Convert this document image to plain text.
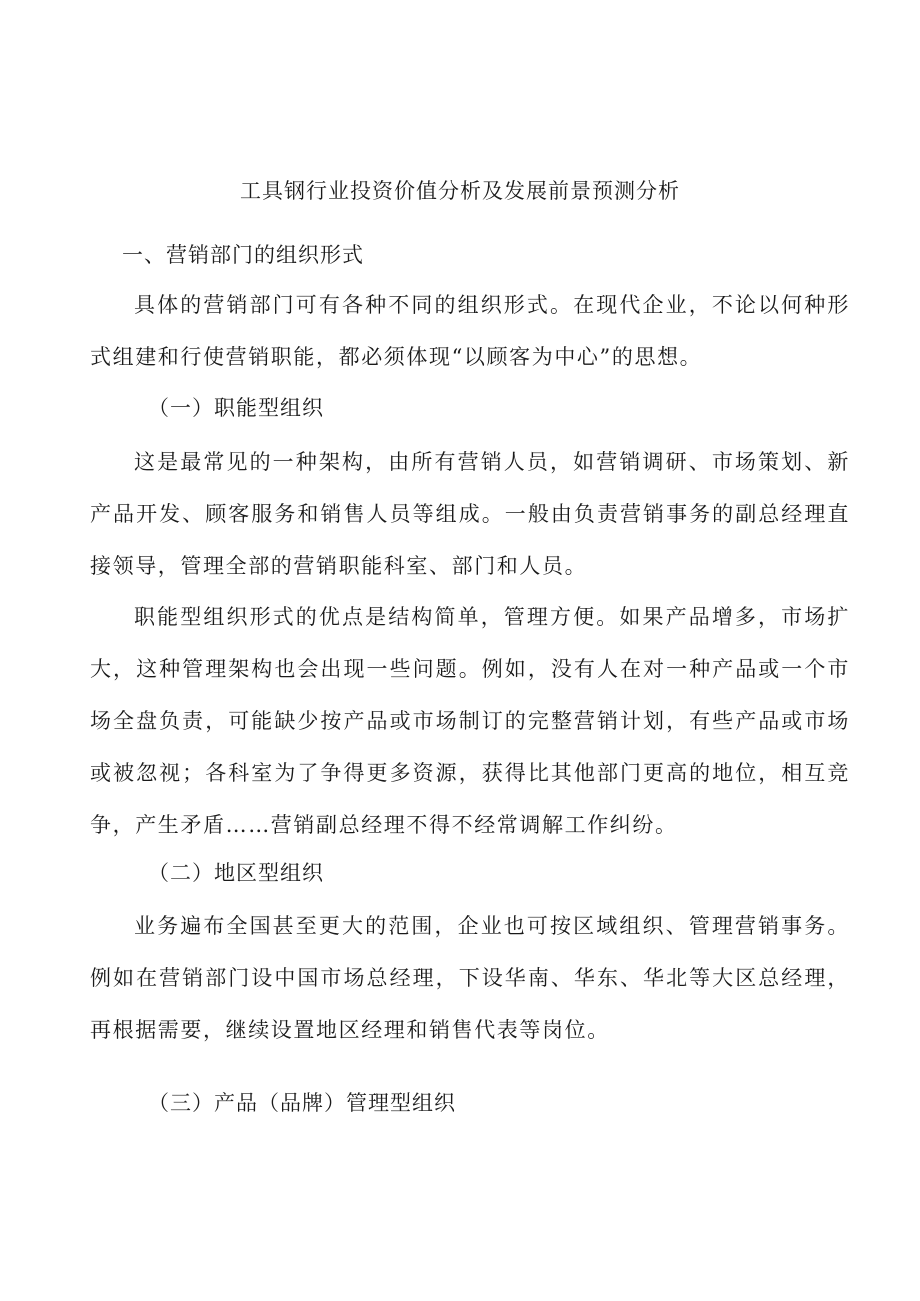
工具钢行业投资价值分析及发展前景预测分析
一、营销部门的组织形式

具体的营销部门可有各种不同的组织形式。在现代企业，不论以何种形式组建和行使营销职能，都必须体现“以顾客为中心”的思想。

（一）职能型组织

这是最常见的一种架构，由所有营销人员，如营销调研、市场策划、新产品开发、顾客服务和销售人员等组成。一般由负责营销事务的副总经理直接领导，管理全部的营销职能科室、部门和人员。

职能型组织形式的优点是结构简单，管理方便。如果产品增多，市场扩大，这种管理架构也会出现一些问题。例如，没有人在对一种产品或一个市场全盘负责，可能缺少按产品或市场制订的完整营销计划，有些产品或市场或被忽视；各科室为了争得更多资源，获得比其他部门更高的地位，相互竞争，产生矛盾……营销副总经理不得不经常调解工作纠纷。

（二）地区型组织

业务遍布全国甚至更大的范围，企业也可按区域组织、管理营销事务。例如在营销部门设中国市场总经理，下设华南、华东、华北等大区总经理，再根据需要，继续设置地区经理和销售代表等岗位。

（三）产品（品牌）管理型组织
